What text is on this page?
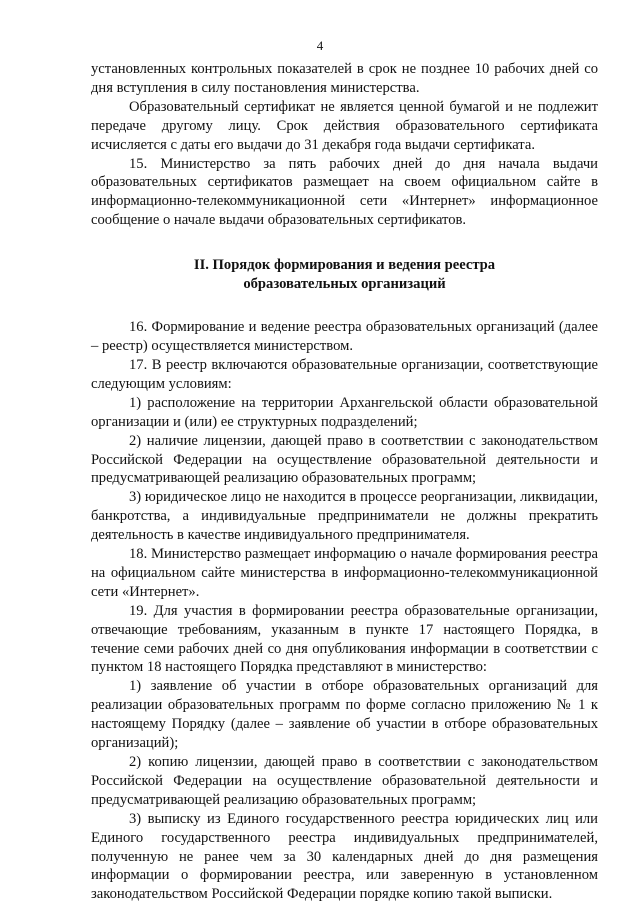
4

установленных контрольных показателей в срок не позднее 10 рабочих дней со дня вступления в силу постановления министерства.

Образовательный сертификат не является ценной бумагой и не подлежит передаче другому лицу. Срок действия образовательного сертификата исчисляется с даты его выдачи до 31 декабря года выдачи сертификата.

15. Министерство за пять рабочих дней до дня начала выдачи образовательных сертификатов размещает на своем официальном сайте в информационно-телекоммуникационной сети «Интернет» информационное сообщение о начале выдачи образовательных сертификатов.

II. Порядок формирования и ведения реестра
образовательных организаций

16. Формирование и ведение реестра образовательных организаций (далее – реестр) осуществляется министерством.

17. В реестр включаются образовательные организации, соответствующие следующим условиям:

1) расположение на территории Архангельской области образовательной организации и (или) ее структурных подразделений;

2) наличие лицензии, дающей право в соответствии с законодательством Российской Федерации на осуществление образовательной деятельности и предусматривающей реализацию образовательных программ;

3) юридическое лицо не находится в процессе реорганизации, ликвидации, банкротства, а индивидуальные предприниматели не должны прекратить деятельность в качестве индивидуального предпринимателя.

18. Министерство размещает информацию о начале формирования реестра на официальном сайте министерства в информационно-телекоммуникационной сети «Интернет».

19. Для участия в формировании реестра образовательные организации, отвечающие требованиям, указанным в пункте 17 настоящего Порядка, в течение семи рабочих дней со дня опубликования информации в соответствии с пунктом 18 настоящего Порядка представляют в министерство:

1) заявление об участии в отборе образовательных организаций для реализации образовательных программ по форме согласно приложению № 1 к настоящему Порядку (далее – заявление об участии в отборе образовательных организаций);

2) копию лицензии, дающей право в соответствии с законодательством Российской Федерации на осуществление образовательной деятельности и предусматривающей реализацию образовательных программ;

3) выписку из Единого государственного реестра юридических лиц или Единого государственного реестра индивидуальных предпринимателей, полученную не ранее чем за 30 календарных дней до дня размещения информации о формировании реестра, или заверенную в установленном законодательством Российской Федерации порядке копию такой выписки.
